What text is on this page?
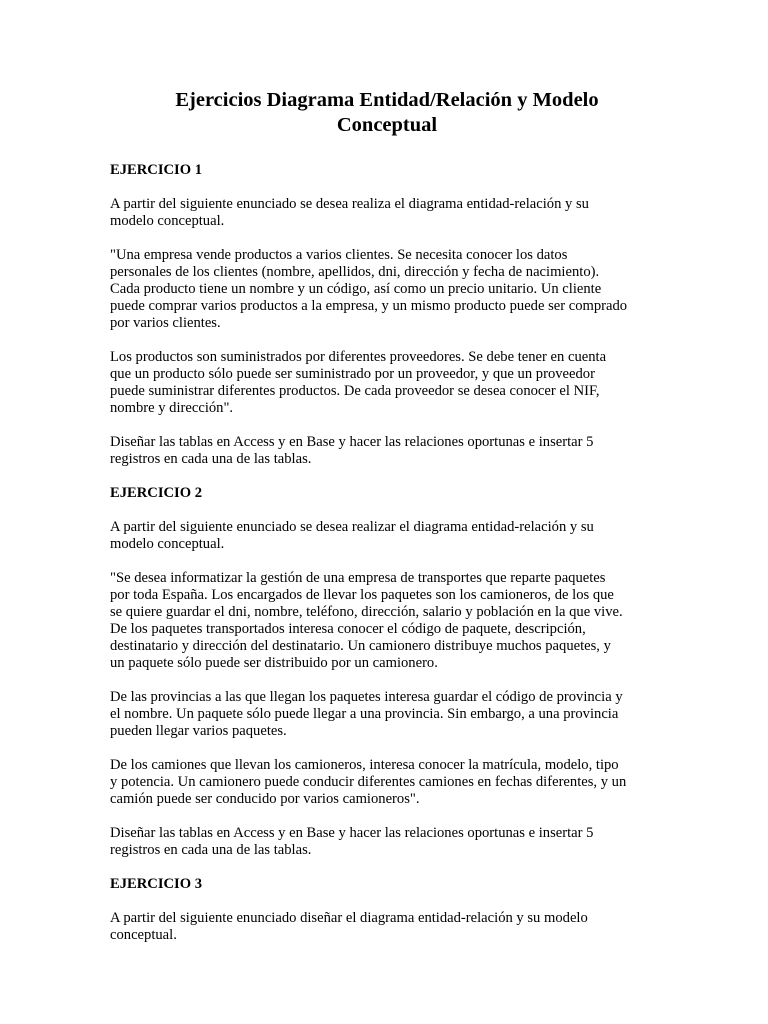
Ejercicios Diagrama Entidad/Relación y Modelo
Conceptual
EJERCICIO 1
A partir del siguiente enunciado se desea realiza el diagrama entidad-relación y su
modelo conceptual.
"Una empresa vende productos a varios clientes. Se necesita conocer los datos
personales de los clientes (nombre, apellidos, dni, dirección y fecha de nacimiento).
Cada producto tiene un nombre y un código, así como un precio unitario. Un cliente
puede comprar varios productos a la empresa, y un mismo producto puede ser comprado
por varios clientes.
Los productos son suministrados por diferentes proveedores. Se debe tener en cuenta
que un producto sólo puede ser suministrado por un proveedor, y que un proveedor
puede suministrar diferentes productos. De cada proveedor se desea conocer el NIF,
nombre y dirección".
Diseñar las tablas en Access y en Base y hacer las relaciones oportunas e insertar 5
registros en cada una de las tablas.
EJERCICIO 2
A partir del siguiente enunciado se desea realizar el diagrama entidad-relación y su
modelo conceptual.
"Se desea informatizar la gestión de una empresa de transportes que reparte paquetes
por toda España. Los encargados de llevar los paquetes son los camioneros, de los que
se quiere guardar el dni, nombre, teléfono, dirección, salario y población en la que vive.
De los paquetes transportados interesa conocer el código de paquete, descripción,
destinatario y dirección del destinatario. Un camionero distribuye muchos paquetes, y
un paquete sólo puede ser distribuido por un camionero.
De las provincias a las que llegan los paquetes interesa guardar el código de provincia y
el nombre. Un paquete sólo puede llegar a una provincia. Sin embargo, a una provincia
pueden llegar varios paquetes.
De los camiones que llevan los camioneros, interesa conocer la matrícula, modelo, tipo
y potencia. Un camionero puede conducir diferentes camiones en fechas diferentes, y un
camión puede ser conducido por varios camioneros".
Diseñar las tablas en Access y en Base y hacer las relaciones oportunas e insertar 5
registros en cada una de las tablas.
EJERCICIO 3
A partir del siguiente enunciado diseñar el diagrama entidad-relación y su modelo
conceptual.
